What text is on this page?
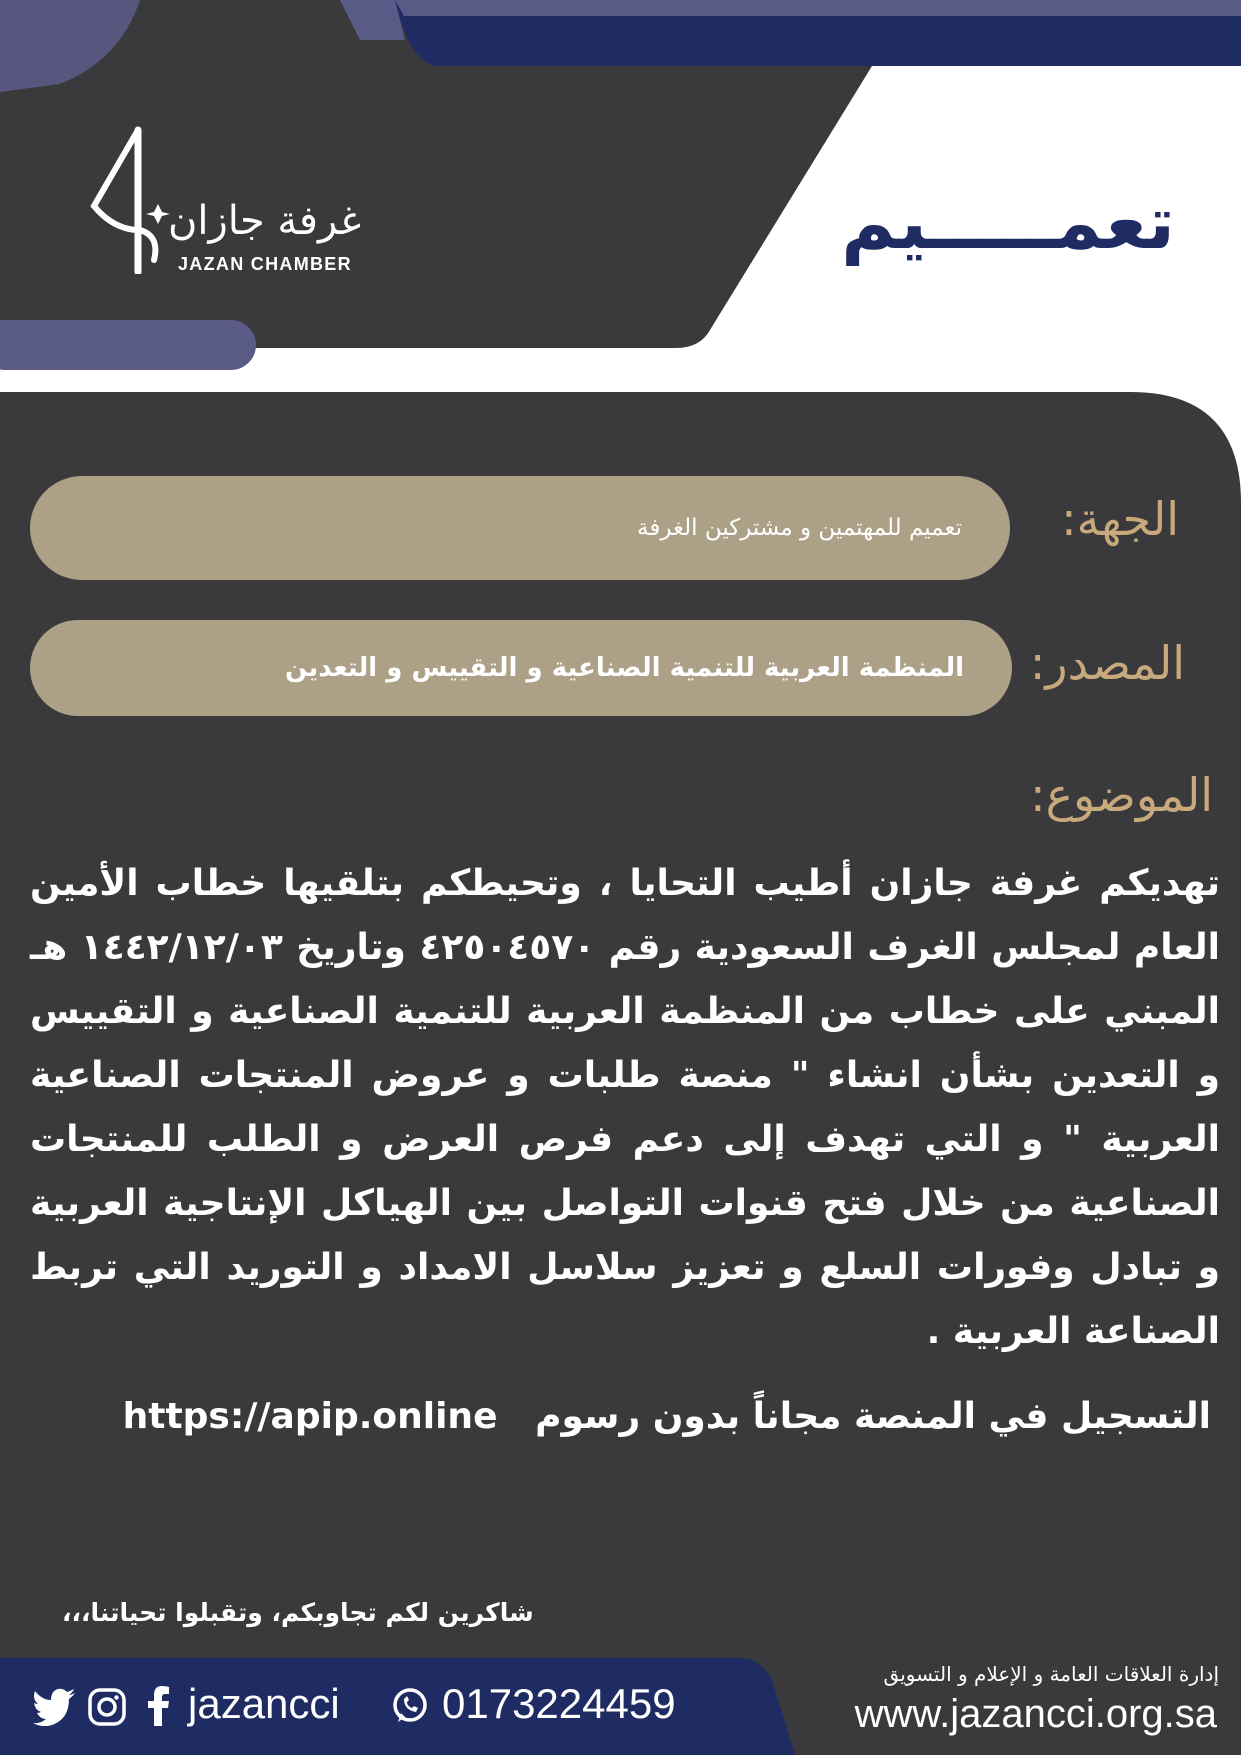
غرفة جازان
JAZAN CHAMBER	تعمـــــيم
الجهة:
تعميم للمهتمين و مشتركين الغرفة
المصدر:
المنظمة العربية للتنمية الصناعية و التقييس و التعدين
الموضوع:

تهديكم غرفة جازان أطيب التحايا ، وتحيطكم بتلقيها خطاب الأمين العام لمجلس الغرف السعودية رقم ٤٢٥٠٤٥٧٠ وتاريخ ١٤٤٢/١٢/٠٣ هـ المبني على خطاب من المنظمة العربية للتنمية الصناعية و التقييس و التعدين بشأن انشاء " منصة طلبات و عروض المنتجات الصناعية العربية " و التي تهدف إلى دعم فرص العرض و الطلب للمنتجات الصناعية من خلال فتح قنوات التواصل بين الهياكل الإنتاجية العربية و تبادل وفورات السلع و تعزيز سلاسل الامداد و التوريد التي تربط الصناعة العربية .

التسجيل في المنصة مجاناً بدون رسوم   https://apip.online
شاكرين لكم تجاوبكم، وتقبلوا تحياتنا،،،
إدارة العلاقات العامة و الإعلام و التسويق
www.jazancci.org.sa
0173224459
jazancci
